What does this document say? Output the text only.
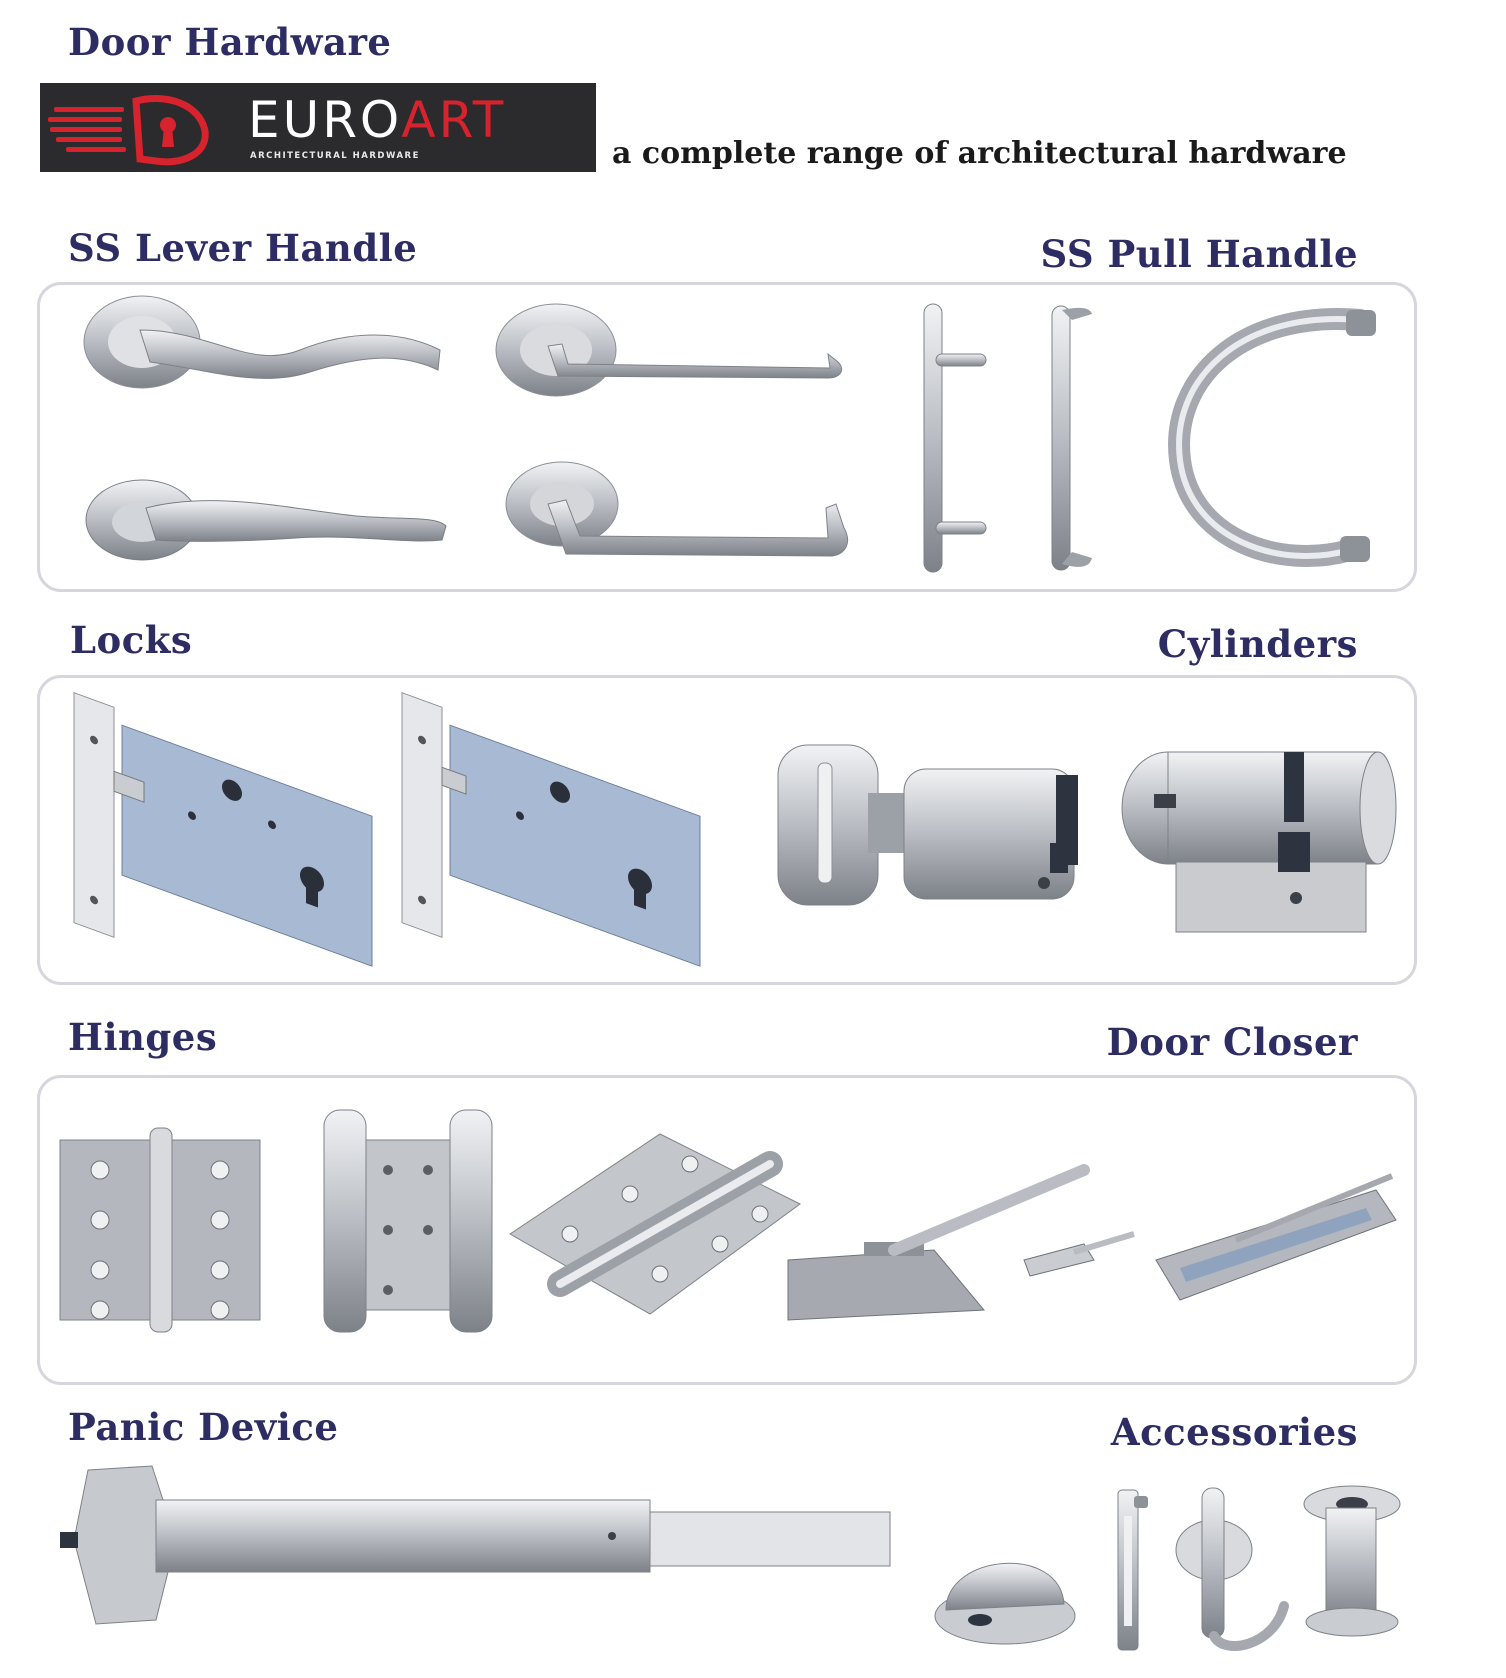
Door Hardware
EUROART
ARCHITECTURAL HARDWARE	a complete range of architectural hardware
SS Lever Handle	SS Pull Handle
Locks	Cylinders
Hinges	Door Closer
Panic Device	Accessories
